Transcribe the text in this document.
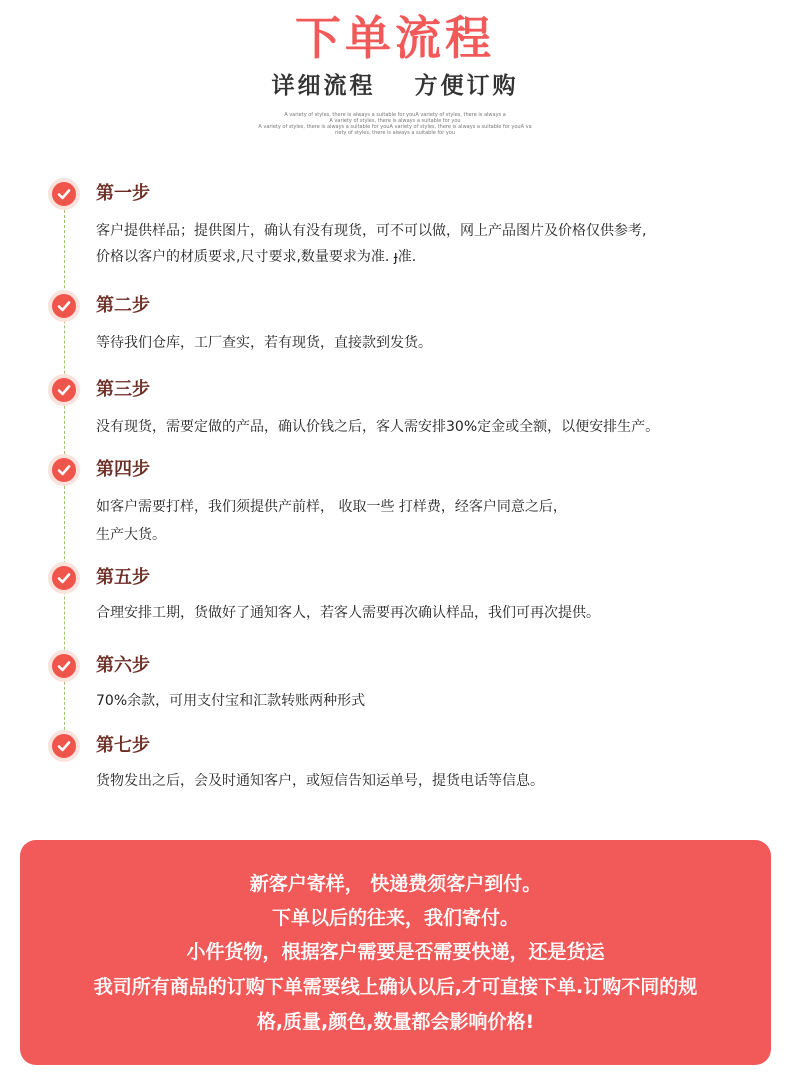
下单流程
详细流程 方便订购
A variety of styles, there is always a suitable for youA variety of styles, there is always a
A variety of styles, there is always a suitable for you
A variety of styles, there is always a suitable for youA variety of styles, there is always a suitable for youA va
riety of styles, there is always a suitable for you
第一步
客户提供样品；提供图片，确认有没有现货，可不可以做，网上产品图片及价格仅供参考,
价格以客户的材质要求,尺寸要求,数量要求为准. ɟ准.
第二步
等待我们仓库，工厂查实，若有现货，直接款到发货。
第三步
没有现货，需要定做的产品，确认价钱之后，客人需安排30%定金或全额，以便安排生产。
第四步
如客户需要打样，我们须提供产前样， 收取一些 打样费，经客户同意之后，
生产大货。
第五步
合理安排工期，货做好了通知客人，若客人需要再次确认样品，我们可再次提供。
第六步
70%余款，可用支付宝和汇款转账两种形式
第七步
货物发出之后，会及时通知客户，或短信告知运单号，提货电话等信息。
新客户寄样， 快递费须客户到付。
下单以后的往来，我们寄付。
小件货物，根据客户需要是否需要快递，还是货运
我司所有商品的订购下单需要线上确认以后,才可直接下单.订购不同的规
格,质量,颜色,数量都会影响价格!
